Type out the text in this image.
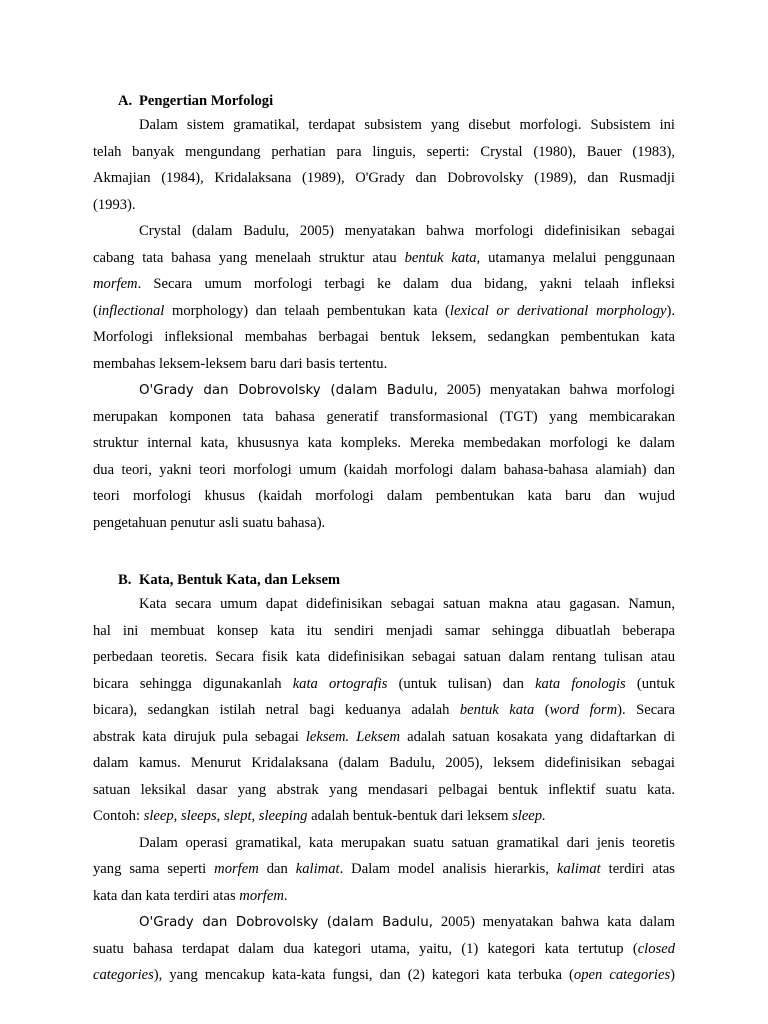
A. Pengertian Morfologi
Dalam sistem gramatikal, terdapat subsistem yang disebut morfologi. Subsistem ini
telah banyak mengundang perhatian para linguis, seperti: Crystal (1980), Bauer (1983),
Akmajian (1984), Kridalaksana (1989), O'Grady dan Dobrovolsky (1989), dan Rusmadji
(1993).
Crystal (dalam Badulu, 2005) menyatakan bahwa morfologi didefinisikan sebagai
cabang tata bahasa yang menelaah struktur atau bentuk kata, utamanya melalui penggunaan
morfem. Secara umum morfologi terbagi ke dalam dua bidang, yakni telaah infleksi
(inflectional morphology) dan telaah pembentukan kata (lexical or derivational morphology).
Morfologi infleksional membahas berbagai bentuk leksem, sedangkan pembentukan kata
membahas leksem-leksem baru dari basis tertentu.
O'Grady dan Dobrovolsky (dalam Badulu, 2005) menyatakan bahwa morfologi
merupakan komponen tata bahasa generatif transformasional (TGT) yang membicarakan
struktur internal kata, khususnya kata kompleks. Mereka membedakan morfologi ke dalam
dua teori, yakni teori morfologi umum (kaidah morfologi dalam bahasa-bahasa alamiah) dan
teori morfologi khusus (kaidah morfologi dalam pembentukan kata baru dan wujud
pengetahuan penutur asli suatu bahasa).
B. Kata, Bentuk Kata, dan Leksem
Kata secara umum dapat didefinisikan sebagai satuan makna atau gagasan. Namun,
hal ini membuat konsep kata itu sendiri menjadi samar sehingga dibuatlah beberapa
perbedaan teoretis. Secara fisik kata didefinisikan sebagai satuan dalam rentang tulisan atau
bicara sehingga digunakanlah kata ortografis (untuk tulisan) dan kata fonologis (untuk
bicara), sedangkan istilah netral bagi keduanya adalah bentuk kata (word form). Secara
abstrak kata dirujuk pula sebagai leksem. Leksem adalah satuan kosakata yang didaftarkan di
dalam kamus. Menurut Kridalaksana (dalam Badulu, 2005), leksem didefinisikan sebagai
satuan leksikal dasar yang abstrak yang mendasari pelbagai bentuk inflektif suatu kata.
Contoh: sleep, sleeps, slept, sleeping adalah bentuk-bentuk dari leksem sleep.
Dalam operasi gramatikal, kata merupakan suatu satuan gramatikal dari jenis teoretis
yang sama seperti morfem dan kalimat. Dalam model analisis hierarkis, kalimat terdiri atas
kata dan kata terdiri atas morfem.
O'Grady dan Dobrovolsky (dalam Badulu, 2005) menyatakan bahwa kata dalam
suatu bahasa terdapat dalam dua kategori utama, yaitu, (1) kategori kata tertutup (closed
categories), yang mencakup kata-kata fungsi, dan (2) kategori kata terbuka (open categories)
